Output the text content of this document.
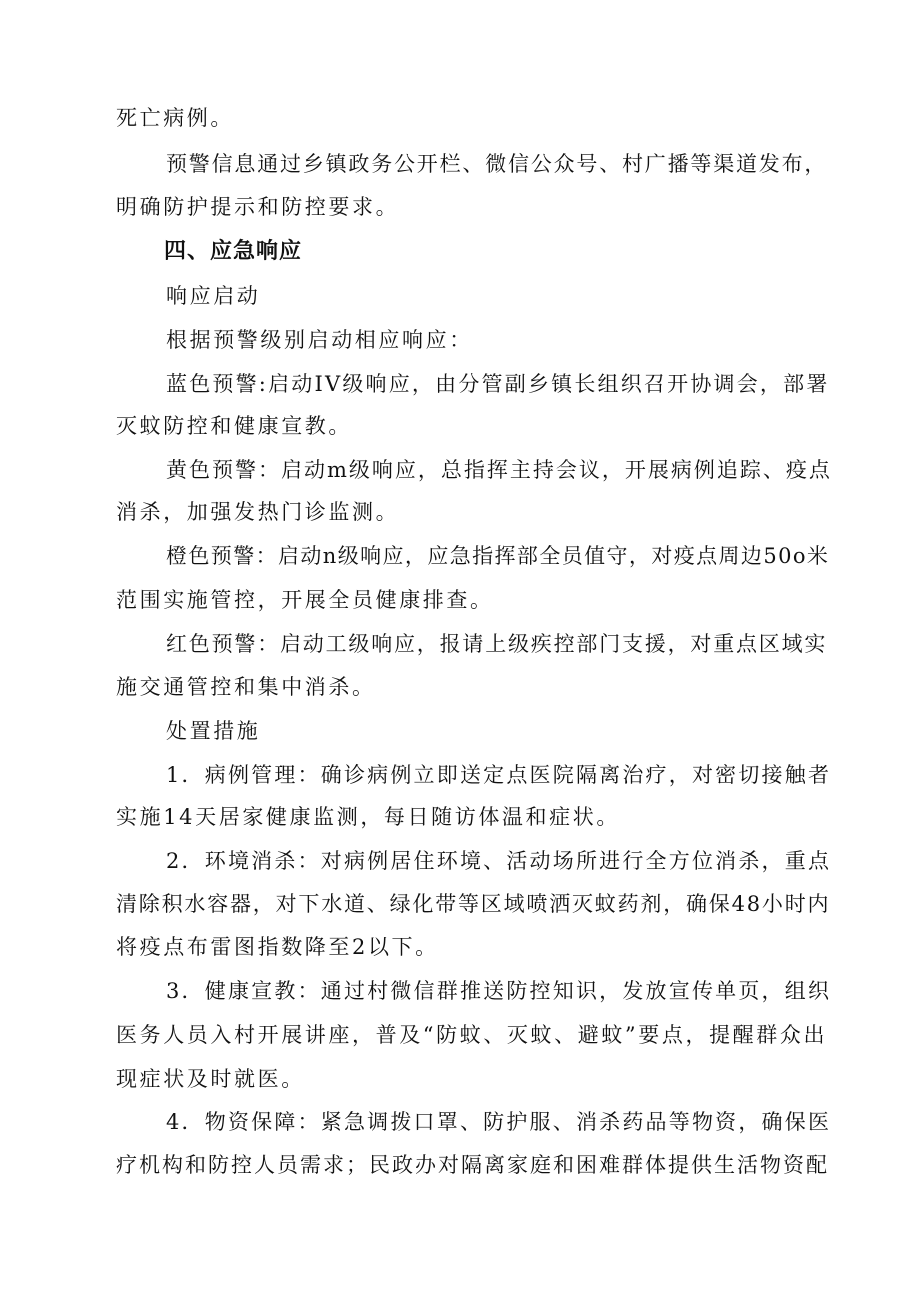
死亡病例。
预警信息通过乡镇政务公开栏、微信公众号、村广播等渠道发布，
明确防护提示和防控要求。
四、应急响应
响应启动
根据预警级别启动相应响应：
蓝色预警:启动IV级响应，由分管副乡镇长组织召开协调会，部署
灭蚊防控和健康宣教。
黄色预警：启动m级响应，总指挥主持会议，开展病例追踪、疫点
消杀，加强发热门诊监测。
橙色预警：启动n级响应，应急指挥部全员值守，对疫点周边50o米
范围实施管控，开展全员健康排查。
红色预警：启动工级响应，报请上级疾控部门支援，对重点区域实
施交通管控和集中消杀。
处置措施
1．病例管理：确诊病例立即送定点医院隔离治疗，对密切接触者
实施14天居家健康监测，每日随访体温和症状。
2．环境消杀：对病例居住环境、活动场所进行全方位消杀，重点
清除积水容器，对下水道、绿化带等区域喷洒灭蚊药剂，确保48小时内
将疫点布雷图指数降至2以下。
3．健康宣教：通过村微信群推送防控知识，发放宣传单页，组织
医务人员入村开展讲座，普及“防蚊、灭蚊、避蚊”要点，提醒群众出
现症状及时就医。
4．物资保障：紧急调拨口罩、防护服、消杀药品等物资，确保医
疗机构和防控人员需求；民政办对隔离家庭和困难群体提供生活物资配
